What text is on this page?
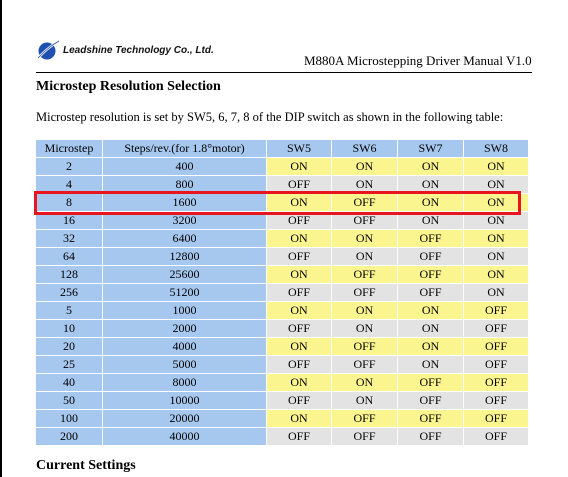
Leadshine Technology Co., Ltd.
M880A Microstepping Driver Manual V1.0
Microstep Resolution Selection
Microstep resolution is set by SW5, 6, 7, 8 of the DIP switch as shown in the following table:
Microstep	Steps/rev.(for 1.8°motor)	SW5	SW6	SW7	SW8
2	400	ON	ON	ON	ON
4	800	OFF	ON	ON	ON
8	1600	ON	OFF	ON	ON
16	3200	OFF	OFF	ON	ON
32	6400	ON	ON	OFF	ON
64	12800	OFF	ON	OFF	ON
128	25600	ON	OFF	OFF	ON
256	51200	OFF	OFF	OFF	ON
5	1000	ON	ON	ON	OFF
10	2000	OFF	ON	ON	OFF
20	4000	ON	OFF	ON	OFF
25	5000	OFF	OFF	ON	OFF
40	8000	ON	ON	OFF	OFF
50	10000	OFF	ON	OFF	OFF
100	20000	ON	OFF	OFF	OFF
200	40000	OFF	OFF	OFF	OFF
Current Settings
